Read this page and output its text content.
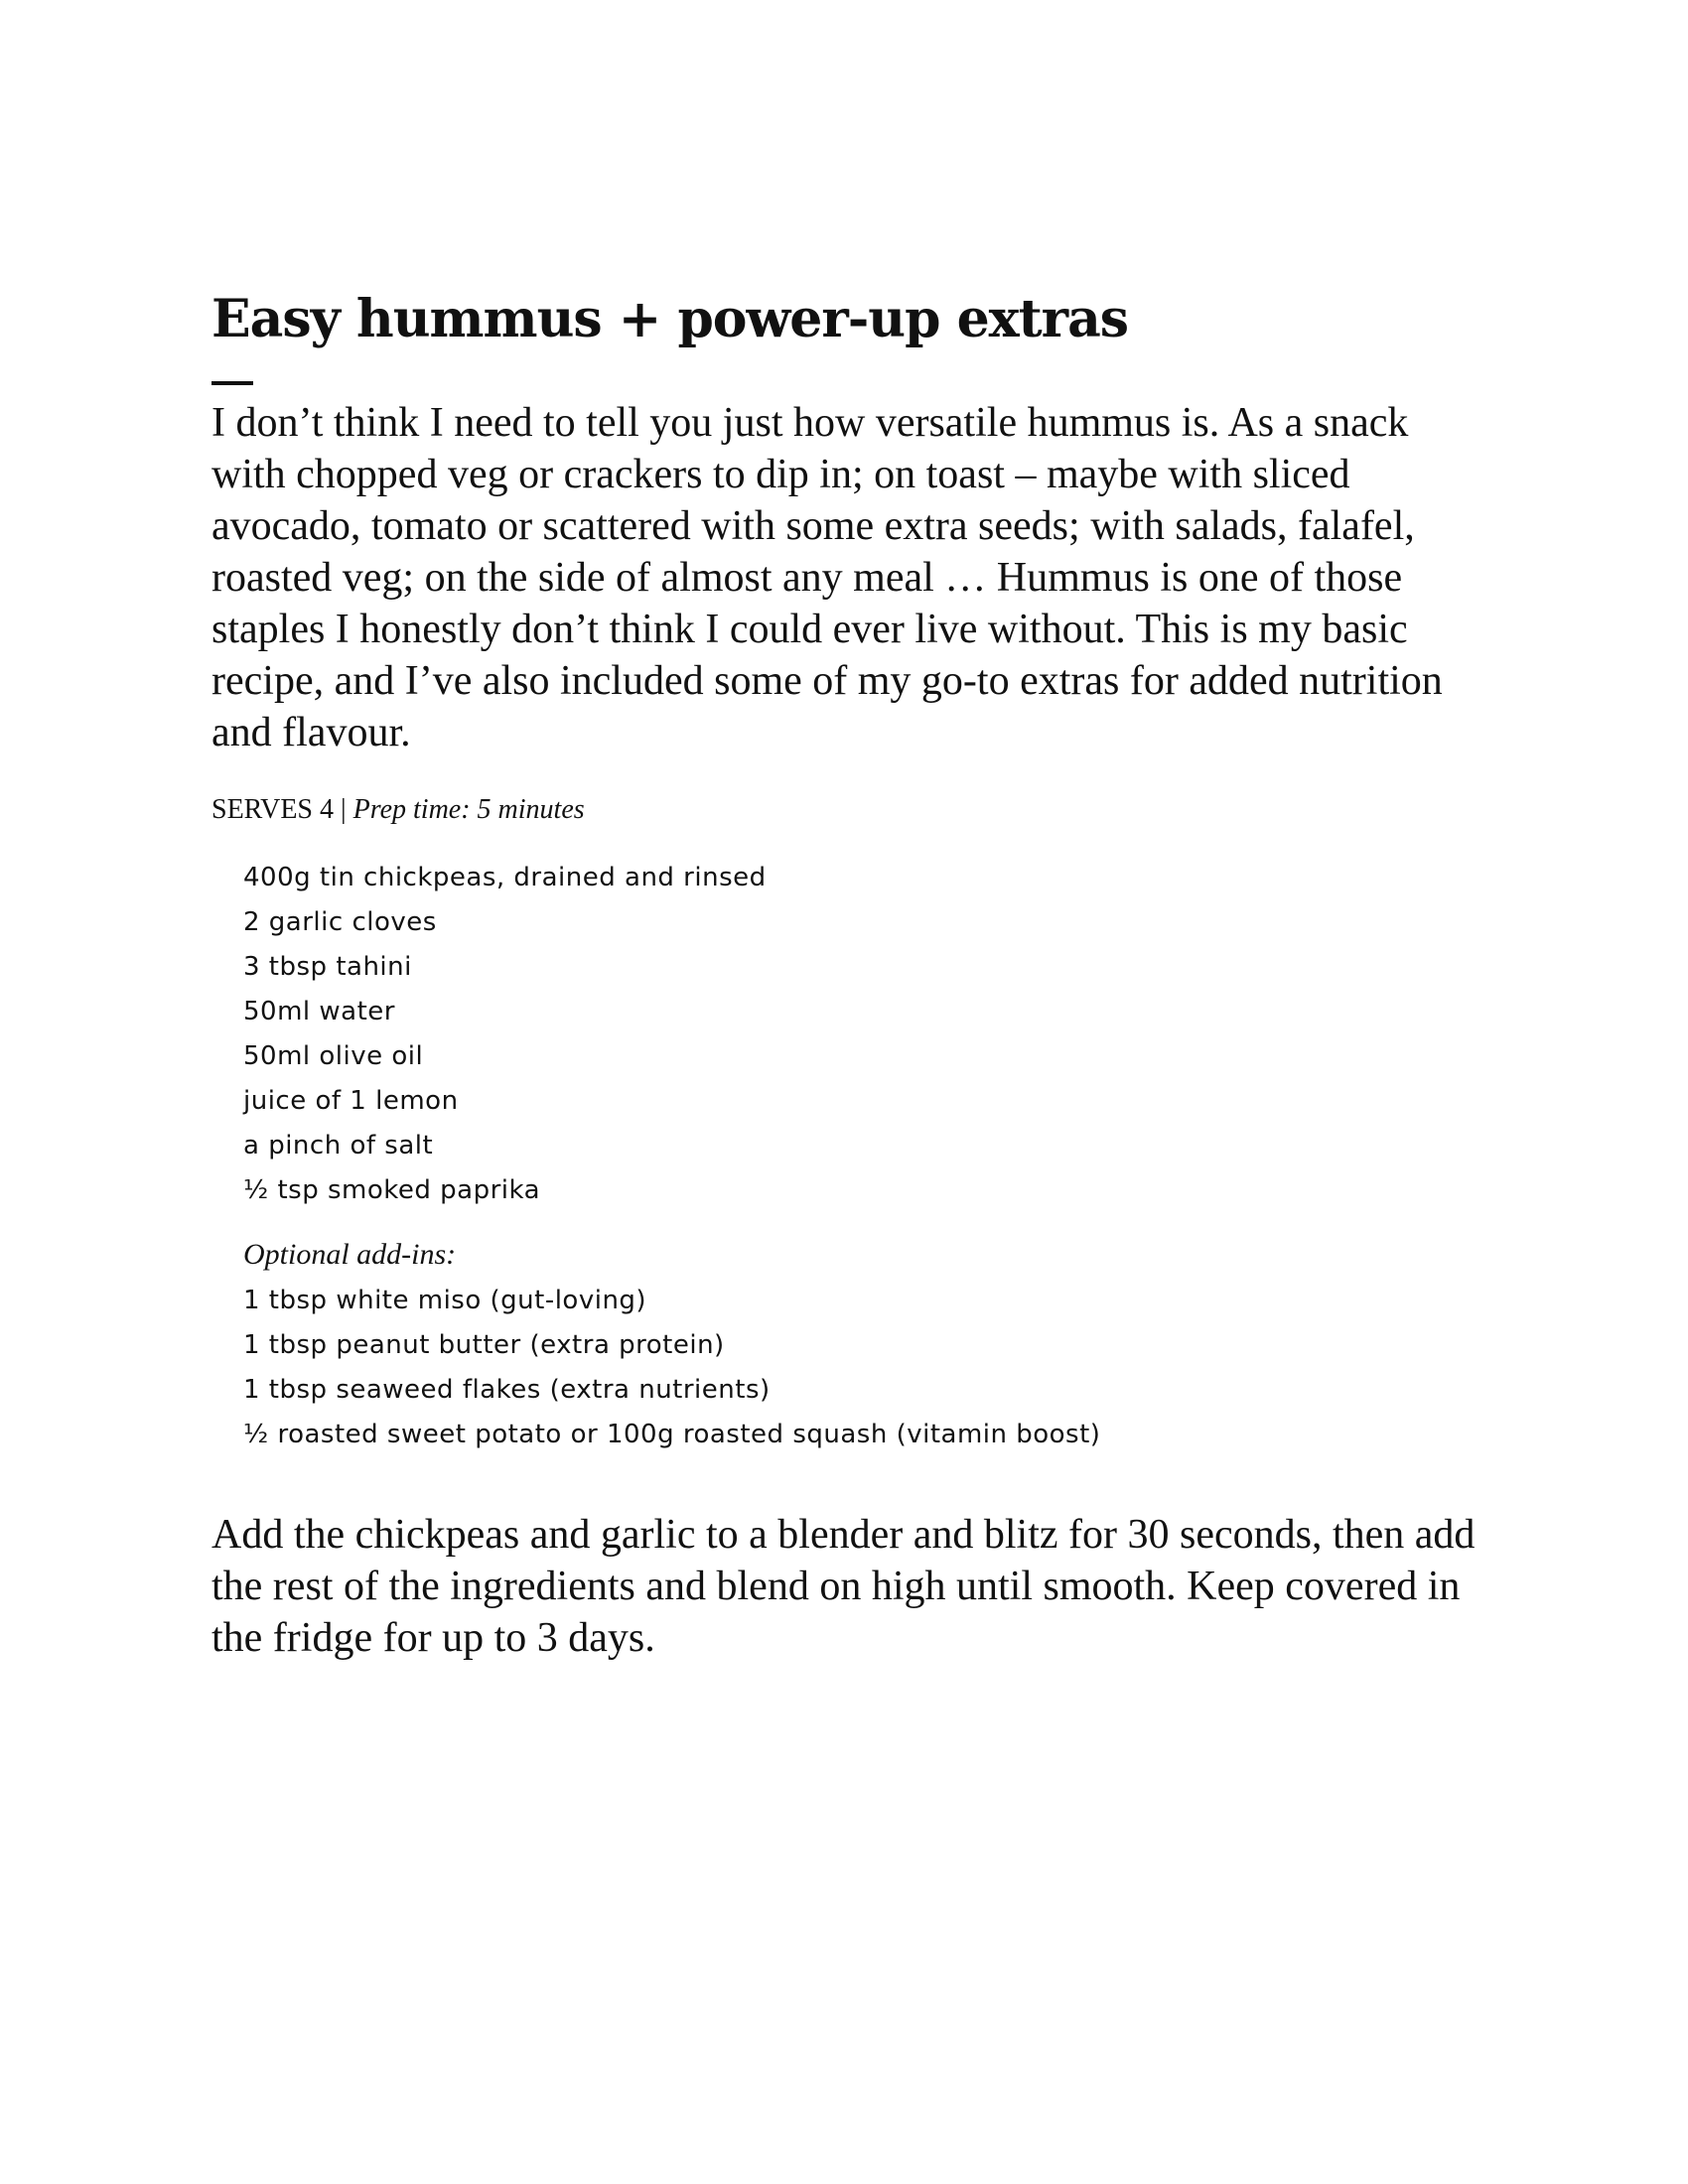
Easy hummus + power-up extras

I don’t think I need to tell you just how versatile hummus is. As a snack with chopped veg or crackers to dip in; on toast – maybe with sliced avocado, tomato or scattered with some extra seeds; with salads, falafel, roasted veg; on the side of almost any meal … Hummus is one of those staples I honestly don’t think I could ever live without. This is my basic recipe, and I’ve also included some of my go-to extras for added nutrition and flavour.

SERVES 4 | Prep time: 5 minutes
400g tin chickpeas, drained and rinsed
2 garlic cloves
3 tbsp tahini
50ml water
50ml olive oil
juice of 1 lemon
a pinch of salt
½ tsp smoked paprika
Optional add-ins:
1 tbsp white miso (gut-loving)
1 tbsp peanut butter (extra protein)
1 tbsp seaweed flakes (extra nutrients)
½ roasted sweet potato or 100g roasted squash (vitamin boost)

Add the chickpeas and garlic to a blender and blitz for 30 seconds, then add the rest of the ingredients and blend on high until smooth. Keep covered in the fridge for up to 3 days.
